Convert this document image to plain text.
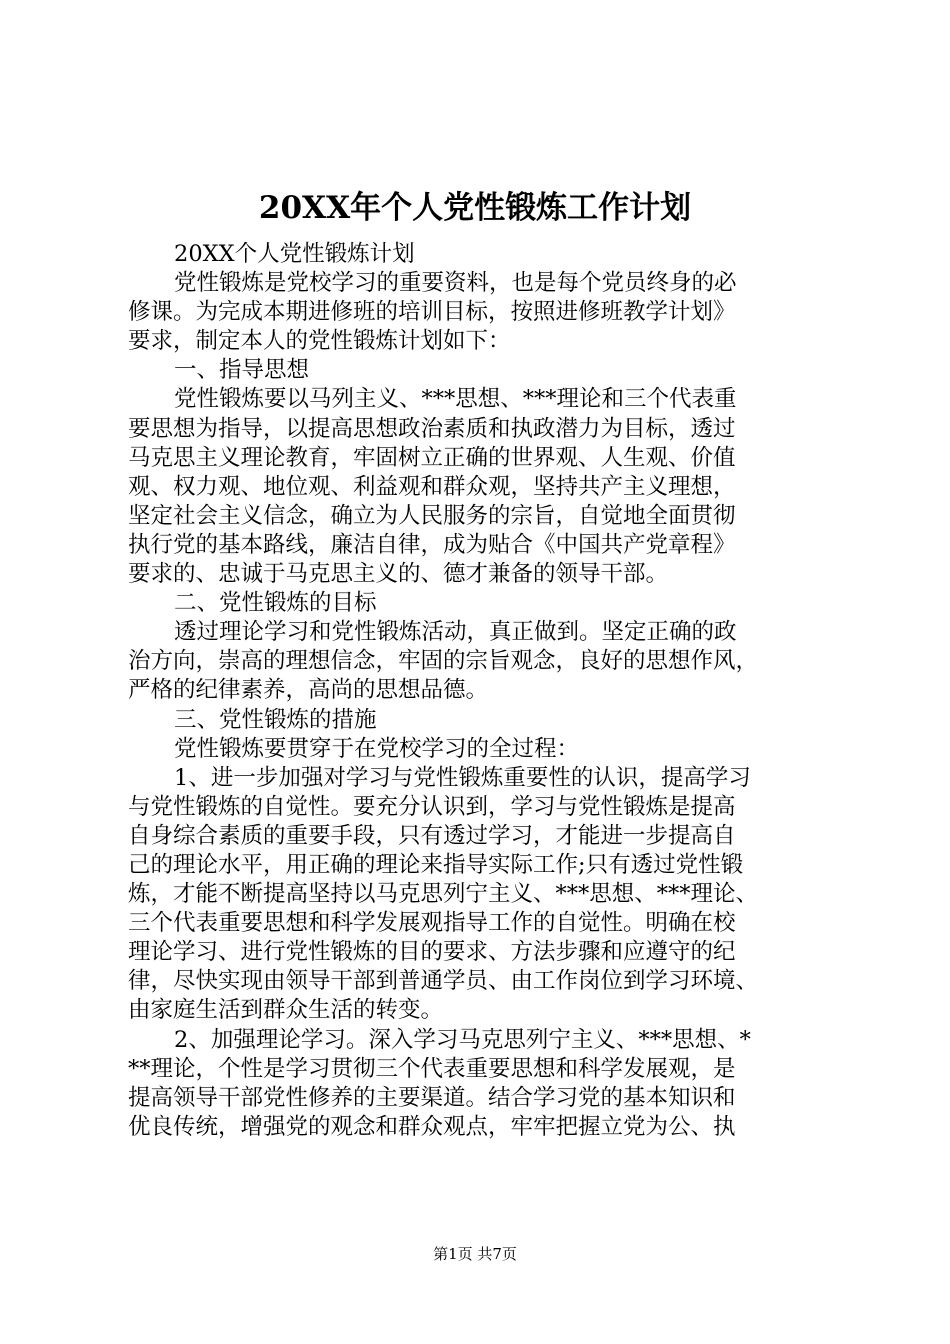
20XX年个人党性锻炼工作计划
20XX个人党性锻炼计划
党性锻炼是党校学习的重要资料，也是每个党员终身的必
修课。为完成本期进修班的培训目标，按照进修班教学计划》
要求，制定本人的党性锻炼计划如下：
一、指导思想
党性锻炼要以马列主义、***思想、***理论和三个代表重
要思想为指导，以提高思想政治素质和执政潜力为目标，透过
马克思主义理论教育，牢固树立正确的世界观、人生观、价值
观、权力观、地位观、利益观和群众观，坚持共产主义理想，
坚定社会主义信念，确立为人民服务的宗旨，自觉地全面贯彻
执行党的基本路线，廉洁自律，成为贴合《中国共产党章程》
要求的、忠诚于马克思主义的、德才兼备的领导干部。
二、党性锻炼的目标
透过理论学习和党性锻炼活动，真正做到。坚定正确的政
治方向，崇高的理想信念，牢固的宗旨观念，良好的思想作风，
严格的纪律素养，高尚的思想品德。
三、党性锻炼的措施
党性锻炼要贯穿于在党校学习的全过程：
1、进一步加强对学习与党性锻炼重要性的认识，提高学习
与党性锻炼的自觉性。要充分认识到，学习与党性锻炼是提高
自身综合素质的重要手段，只有透过学习，才能进一步提高自
己的理论水平，用正确的理论来指导实际工作;只有透过党性锻
炼，才能不断提高坚持以马克思列宁主义、***思想、***理论、
三个代表重要思想和科学发展观指导工作的自觉性。明确在校
理论学习、进行党性锻炼的目的要求、方法步骤和应遵守的纪
律，尽快实现由领导干部到普通学员、由工作岗位到学习环境、
由家庭生活到群众生活的转变。
2、加强理论学习。深入学习马克思列宁主义、***思想、*
**理论，个性是学习贯彻三个代表重要思想和科学发展观，是
提高领导干部党性修养的主要渠道。结合学习党的基本知识和
优良传统，增强党的观念和群众观点，牢牢把握立党为公、执
第1页 共7页
